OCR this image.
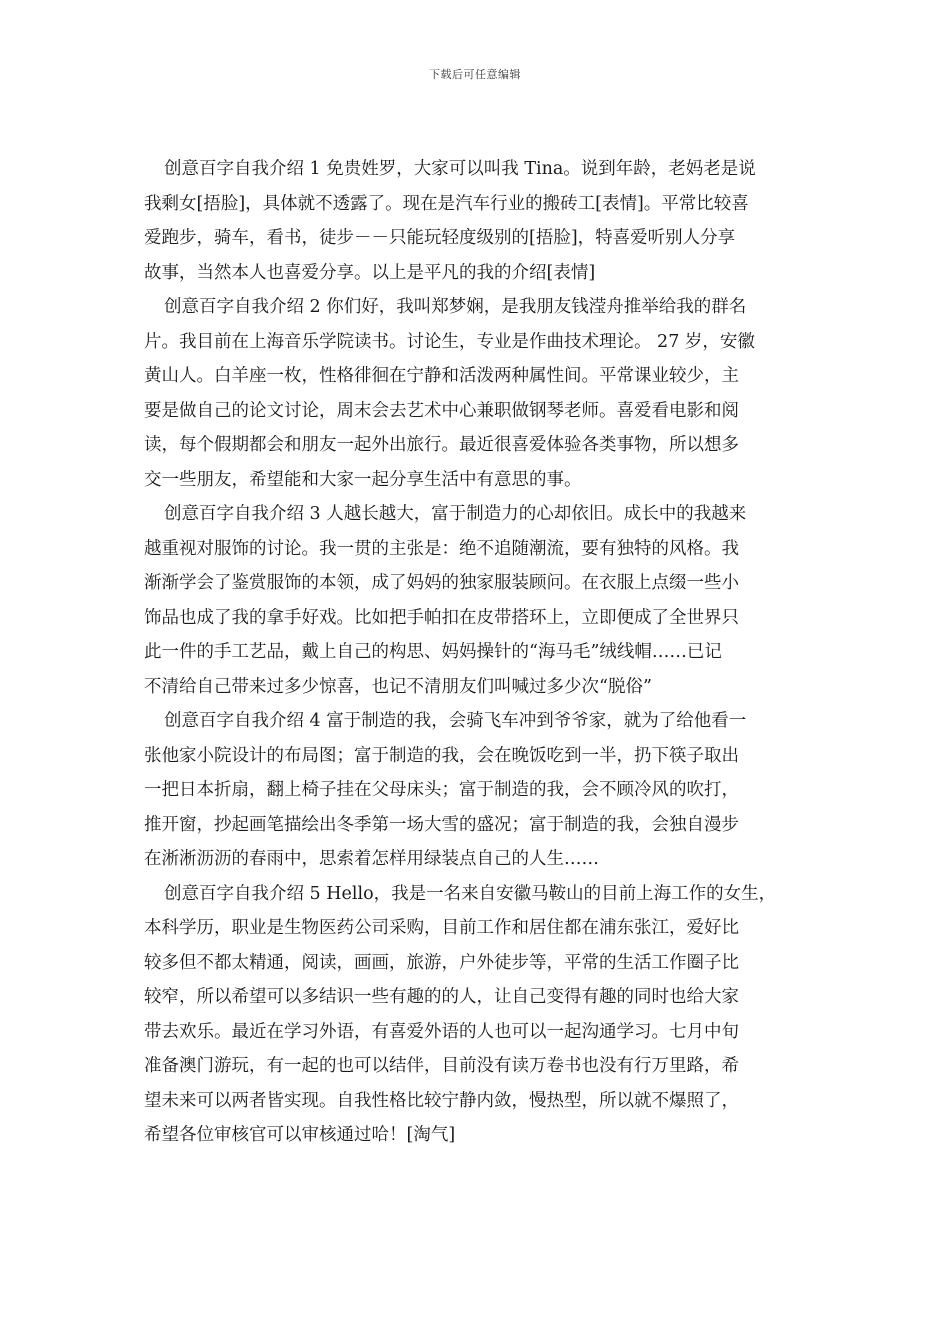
下载后可任意编辑

创意百字自我介绍 1 免贵姓罗，大家可以叫我 Tina。说到年龄，老妈老是说
我剩女[捂脸]，具体就不透露了。现在是汽车行业的搬砖工[表情]。平常比较喜
爱跑步，骑车，看书，徒步－－只能玩轻度级别的[捂脸]，特喜爱听别人分享
故事，当然本人也喜爱分享。以上是平凡的我的介绍[表情]

创意百字自我介绍 2 你们好，我叫郑梦娴，是我朋友钱滢舟推举给我的群名
片。我目前在上海音乐学院读书。讨论生，专业是作曲技术理论。 27 岁，安徽
黄山人。白羊座一枚，性格徘徊在宁静和活泼两种属性间。平常课业较少，主
要是做自己的论文讨论，周末会去艺术中心兼职做钢琴老师。喜爱看电影和阅
读，每个假期都会和朋友一起外出旅行。最近很喜爱体验各类事物，所以想多
交一些朋友，希望能和大家一起分享生活中有意思的事。

创意百字自我介绍 3 人越长越大，富于制造力的心却依旧。成长中的我越来
越重视对服饰的讨论。我一贯的主张是：绝不追随潮流，要有独特的风格。我
渐渐学会了鉴赏服饰的本领，成了妈妈的独家服装顾问。在衣服上点缀一些小
饰品也成了我的拿手好戏。比如把手帕扣在皮带搭环上，立即便成了全世界只
此一件的手工艺品，戴上自己的构思、妈妈操针的“海马毛”绒线帽……已记
不清给自己带来过多少惊喜，也记不清朋友们叫喊过多少次“脱俗”

创意百字自我介绍 4 富于制造的我，会骑飞车冲到爷爷家，就为了给他看一
张他家小院设计的布局图；富于制造的我，会在晚饭吃到一半，扔下筷子取出
一把日本折扇，翻上椅子挂在父母床头；富于制造的我，会不顾冷风的吹打，
推开窗，抄起画笔描绘出冬季第一场大雪的盛况；富于制造的我，会独自漫步
在淅淅沥沥的春雨中，思索着怎样用绿装点自己的人生……

创意百字自我介绍 5 Hello，我是一名来自安徽马鞍山的目前上海工作的女生，
本科学历，职业是生物医药公司采购，目前工作和居住都在浦东张江，爱好比
较多但不都太精通，阅读，画画，旅游，户外徒步等，平常的生活工作圈子比
较窄，所以希望可以多结识一些有趣的的人，让自己变得有趣的同时也给大家
带去欢乐。最近在学习外语，有喜爱外语的人也可以一起沟通学习。七月中旬
准备澳门游玩，有一起的也可以结伴，目前没有读万卷书也没有行万里路，希
望未来可以两者皆实现。自我性格比较宁静内敛，慢热型，所以就不爆照了，
希望各位审核官可以审核通过哈！[淘气]
